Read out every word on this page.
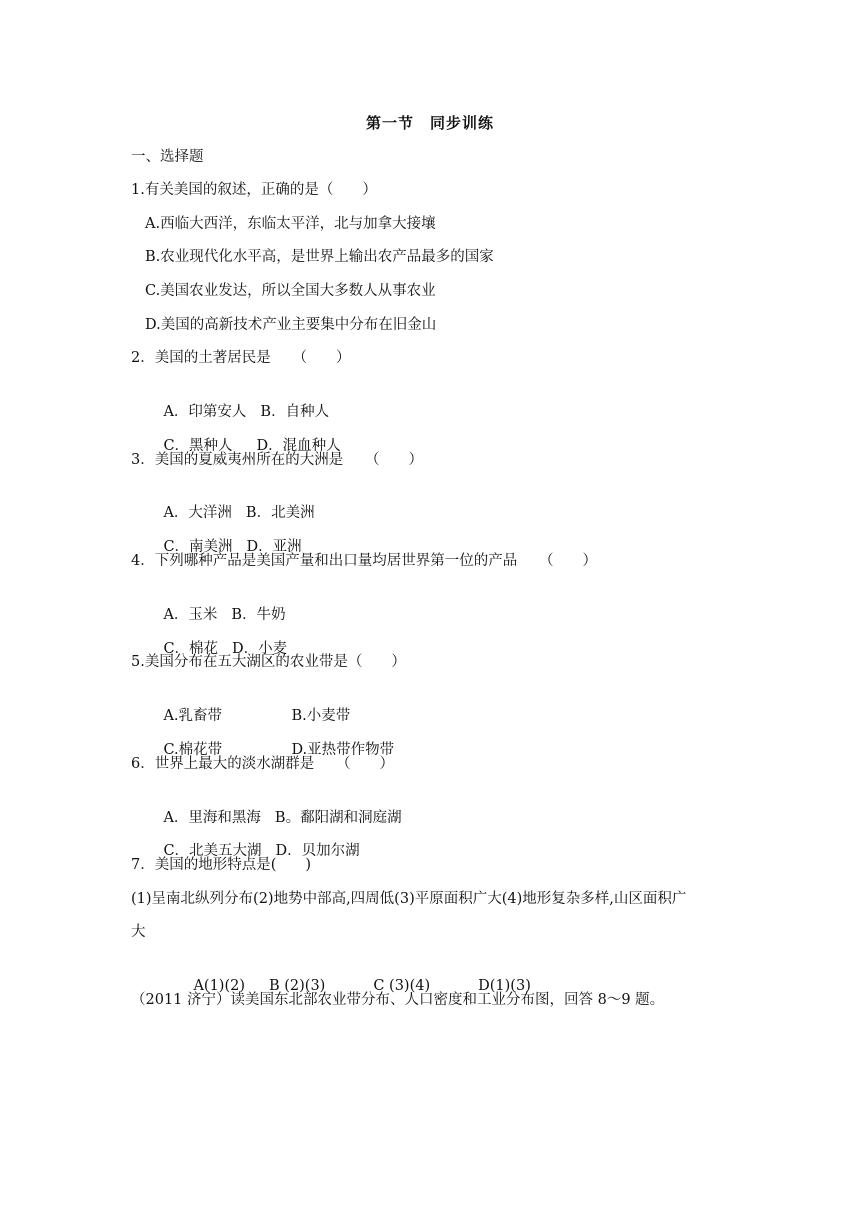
第一节　同步训练
一、选择题
1.有关美国的叙述，正确的是（　　）
A.西临大西洋，东临太平洋，北与加拿大接壤
B.农业现代化水平高，是世界上输出农产品最多的国家
C.美国农业发达，所以全国大多数人从事农业
D.美国的高新技术产业主要集中分布在旧金山
2．美国的土著居民是　　（　　）

A．印第安人 B．自种人

C．黑种人 D．混血种人

3．美国的夏威夷州所在的大洲是　　（　　）

A．大洋洲 B．北美洲

C．南美洲 D．亚洲

4．下列哪种产品是美国产量和出口量均居世界第一位的产品　　（　　）

A．玉米 B．牛奶

C．棉花 D．小麦

5.美国分布在五大湖区的农业带是（　　）

A.乳畜带	B.小麦带

C.棉花带	D.亚热带作物带

6．世界上最大的淡水湖群是　　（　　）

A．里海和黑海 B。鄱阳湖和洞庭湖

C．北美五大湖 D．贝加尔湖

7．美国的地形特点是(　　)
(1)呈南北纵列分布(2)地势中部高,四周低(3)平原面积广大(4)地形复杂多样,山区面积广
大

A(1)(2) B (2)(3)	C (3)(4)	D(1)(3)

（2011 济宁）读美国东北部农业带分布、人口密度和工业分布图，回答 8～9 题。
